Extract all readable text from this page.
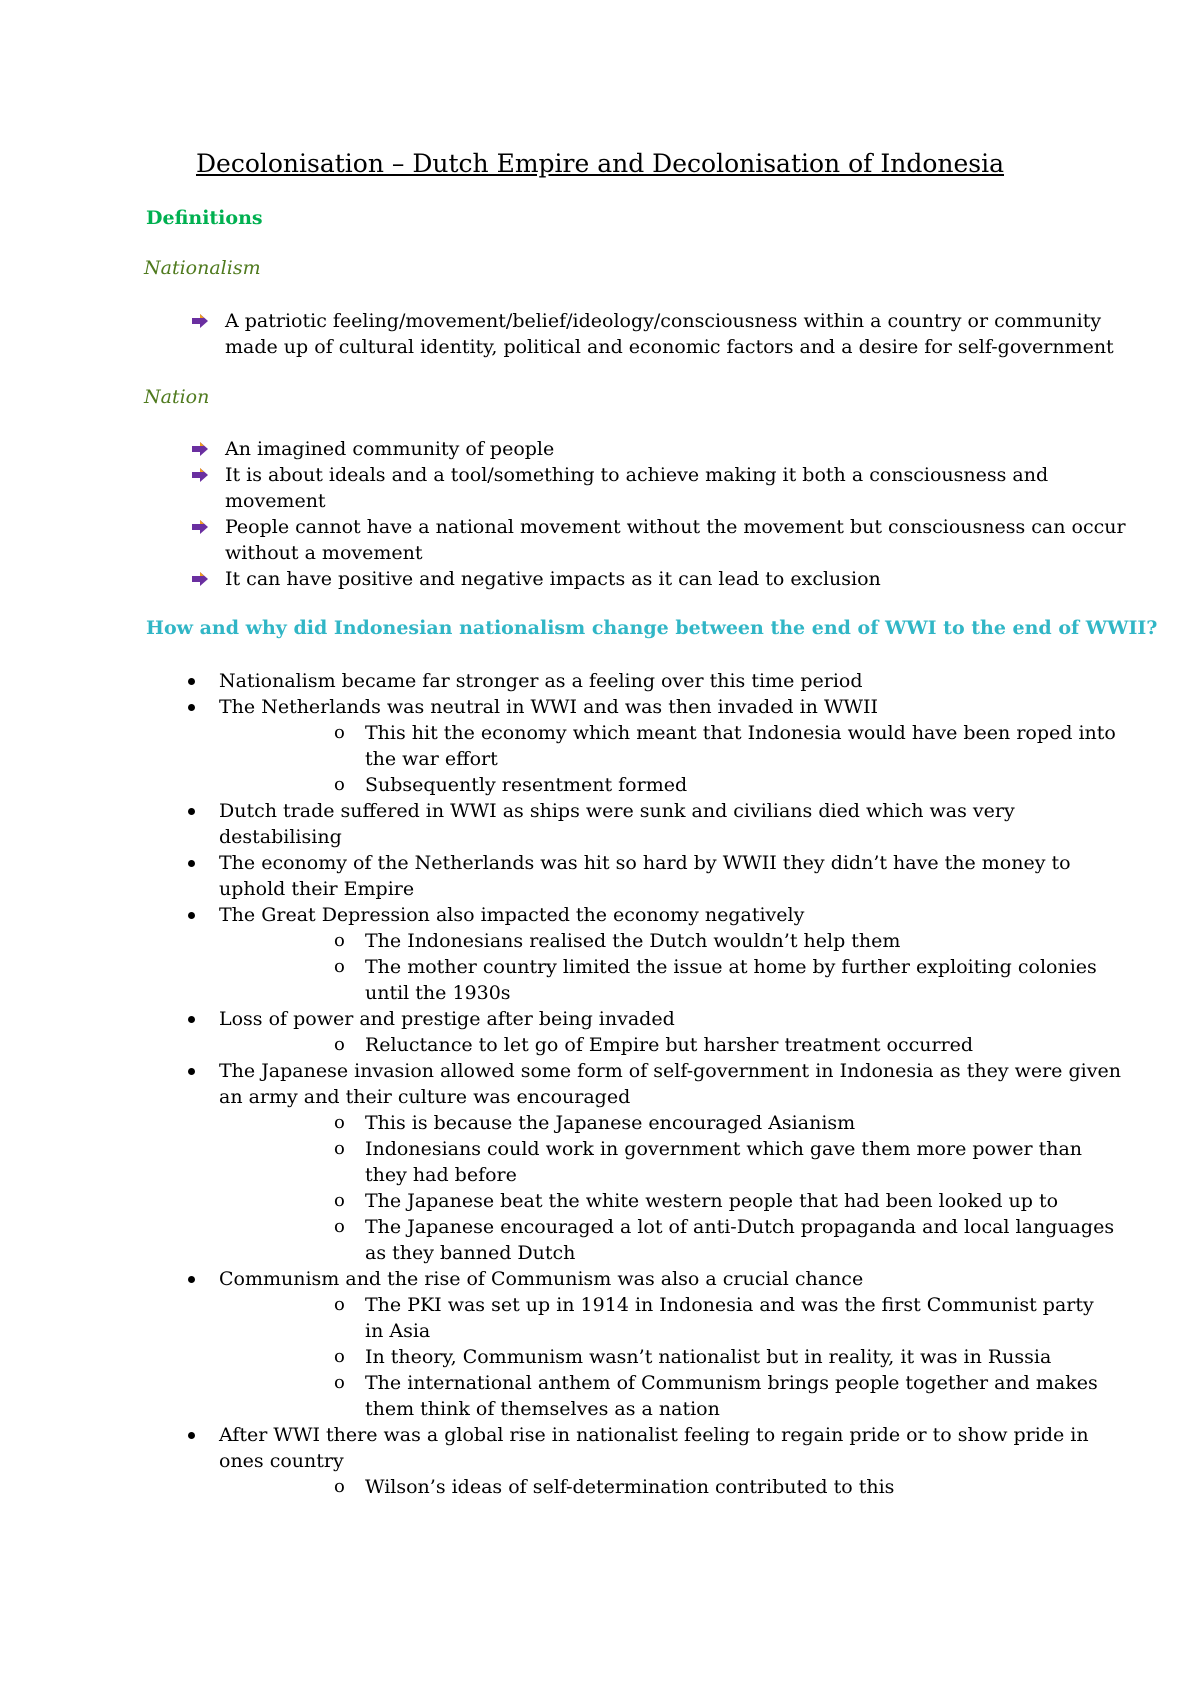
Decolonisation – Dutch Empire and Decolonisation of Indonesia
Definitions
Nationalism
A patriotic feeling/movement/belief/ideology/consciousness within a country or community
made up of cultural identity, political and economic factors and a desire for self-government
Nation
An imagined community of people
It is about ideals and a tool/something to achieve making it both a consciousness and
movement
People cannot have a national movement without the movement but consciousness can occur
without a movement
It can have positive and negative impacts as it can lead to exclusion
How and why did Indonesian nationalism change between the end of WWI to the end of WWII?
Nationalism became far stronger as a feeling over this time period
The Netherlands was neutral in WWI and was then invaded in WWII
o This hit the economy which meant that Indonesia would have been roped into
the war effort
o Subsequently resentment formed
Dutch trade suffered in WWI as ships were sunk and civilians died which was very
destabilising
The economy of the Netherlands was hit so hard by WWII they didn’t have the money to
uphold their Empire
The Great Depression also impacted the economy negatively
o The Indonesians realised the Dutch wouldn’t help them
o The mother country limited the issue at home by further exploiting colonies
until the 1930s
Loss of power and prestige after being invaded
o Reluctance to let go of Empire but harsher treatment occurred
The Japanese invasion allowed some form of self-government in Indonesia as they were given
an army and their culture was encouraged
o This is because the Japanese encouraged Asianism
o Indonesians could work in government which gave them more power than
they had before
o The Japanese beat the white western people that had been looked up to
o The Japanese encouraged a lot of anti-Dutch propaganda and local languages
as they banned Dutch
Communism and the rise of Communism was also a crucial chance
o The PKI was set up in 1914 in Indonesia and was the first Communist party
in Asia
o In theory, Communism wasn’t nationalist but in reality, it was in Russia
o The international anthem of Communism brings people together and makes
them think of themselves as a nation
After WWI there was a global rise in nationalist feeling to regain pride or to show pride in
ones country
o Wilson’s ideas of self-determination contributed to this
